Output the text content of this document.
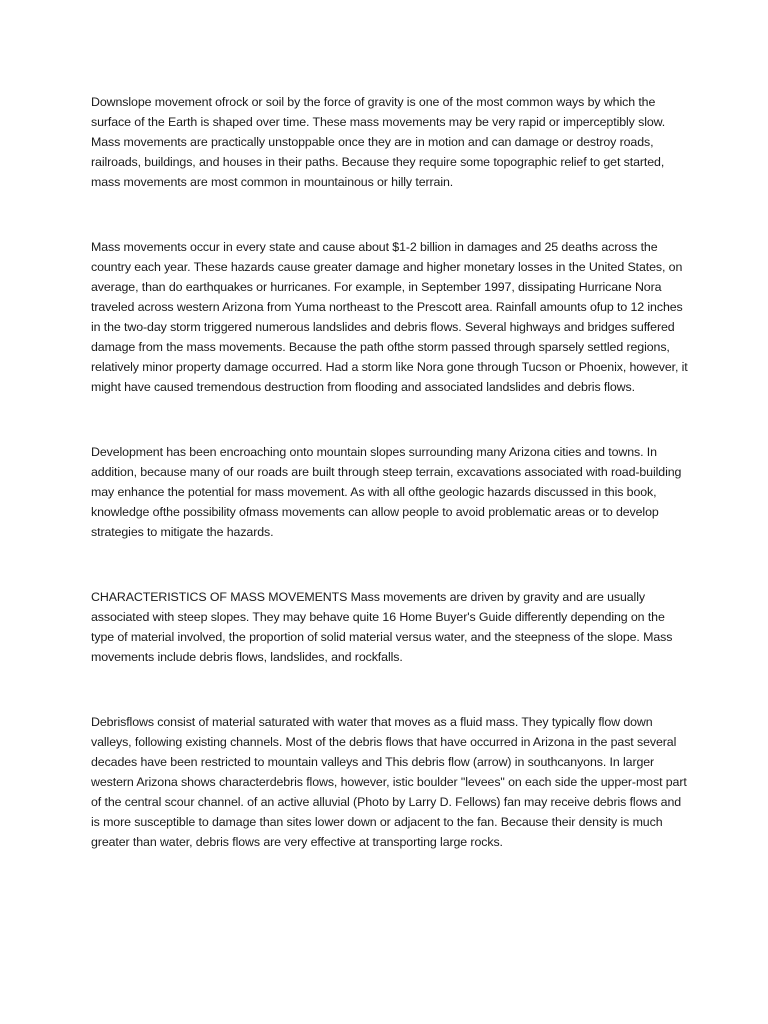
Downslope movement ofrock or soil by the force of gravity is one of the most common ways by which the surface of the Earth is shaped over time. These mass movements may be very rapid or imperceptibly slow. Mass movements are practically unstoppable once they are in motion and can damage or destroy roads, railroads, buildings, and houses in their paths. Because they require some topographic relief to get started, mass movements are most common in mountainous or hilly terrain.

Mass movements occur in every state and cause about $1-2 billion in damages and 25 deaths across the country each year. These hazards cause greater damage and higher monetary losses in the United States, on average, than do earthquakes or hurricanes. For example, in September 1997, dissipating Hurricane Nora traveled across western Arizona from Yuma northeast to the Prescott area. Rainfall amounts ofup to 12 inches in the two-day storm triggered numerous landslides and debris flows. Several highways and bridges suffered damage from the mass movements. Because the path ofthe storm passed through sparsely settled regions, relatively minor property damage occurred. Had a storm like Nora gone through Tucson or Phoenix, however, it might have caused tremendous destruction from flooding and associated landslides and debris flows.

Development has been encroaching onto mountain slopes surrounding many Arizona cities and towns. In addition, because many of our roads are built through steep terrain, excavations associated with road-building may enhance the potential for mass movement. As with all ofthe geologic hazards discussed in this book, knowledge ofthe possibility ofmass movements can allow people to avoid problematic areas or to develop strategies to mitigate the hazards.

CHARACTERISTICS OF MASS MOVEMENTS Mass movements are driven by gravity and are usually associated with steep slopes. They may behave quite 16 Home Buyer's Guide differently depending on the type of material involved, the proportion of solid material versus water, and the steepness of the slope. Mass movements include debris flows, landslides, and rockfalls.

Debrisflows consist of material saturated with water that moves as a fluid mass. They typically flow down valleys, following existing channels. Most of the debris flows that have occurred in Arizona in the past several decades have been restricted to mountain valleys and This debris flow (arrow) in southcanyons. In larger western Arizona shows characterdebris flows, however, istic boulder "levees" on each side the upper-most part of the central scour channel. of an active alluvial (Photo by Larry D. Fellows) fan may receive debris flows and is more susceptible to damage than sites lower down or adjacent to the fan. Because their density is much greater than water, debris flows are very effective at transporting large rocks.
